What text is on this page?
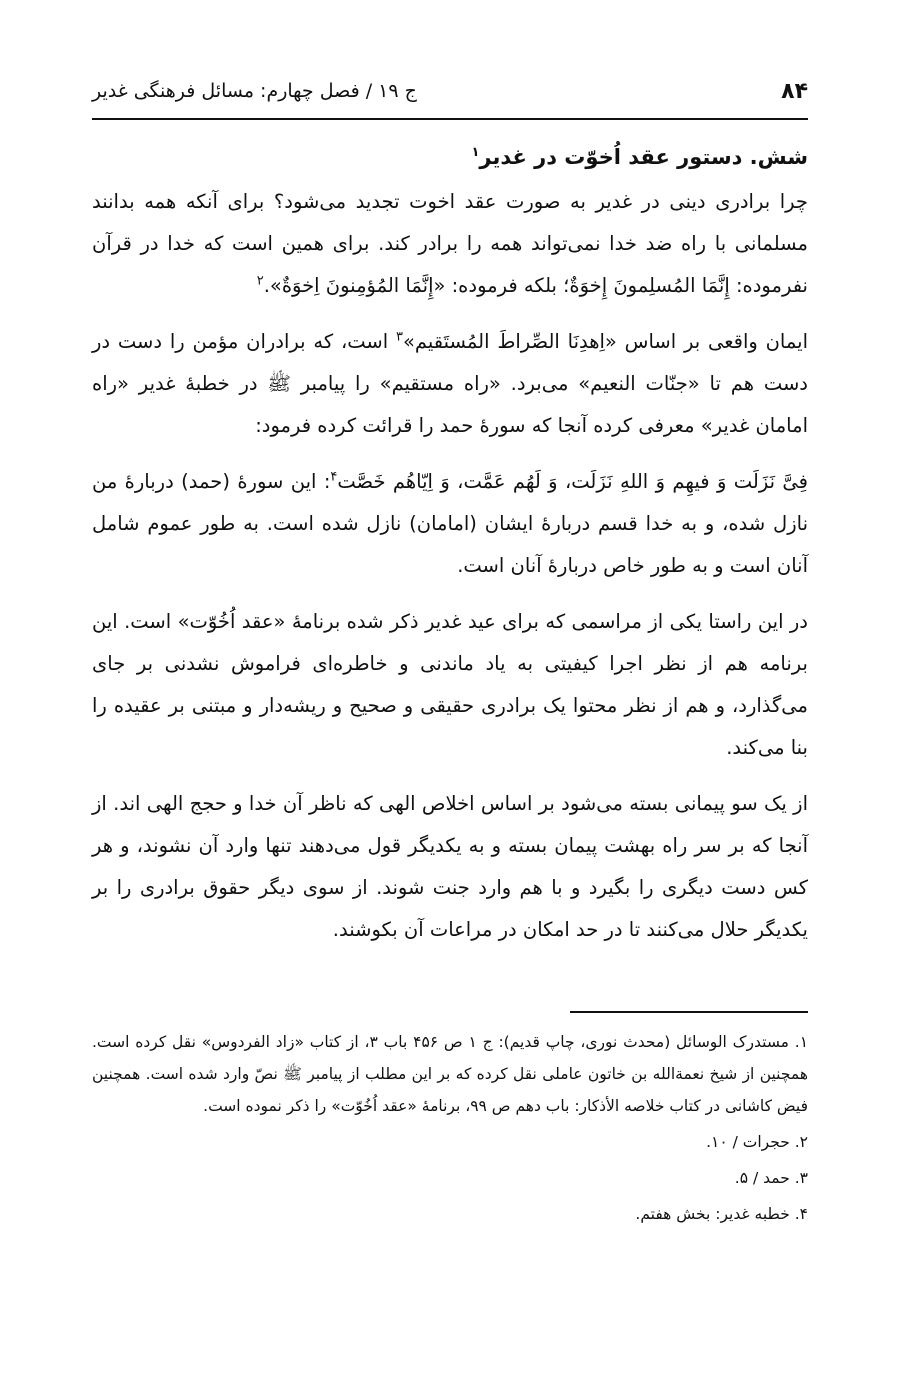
۸۴
ج ۱۹ / فصل چهارم: مسائل فرهنگی غدیر
شش. دستور عقد اُخوّت در غدیر$^۱$

چرا برادری دینی در غدیر به صورت عقد اخوت تجدید می‌شود؟ برای آنکه همه بدانند مسلمانی با راه ضد خدا نمی‌تواند همه را برادر کند. برای همین است که خدا در قرآن نفرموده: إِنَّمَا المُسلِمونَ إِخوَةٌ؛ بلکه فرموده: «إِنَّمَا المُؤمِنونَ اِخوَةٌ».$^۲$

ایمان واقعی بر اساس «اِهدِنَا الصِّراطَ المُستَقیم»$^۳$ است، که برادران مؤمن را دست در دست هم تا «جنّات النعیم» می‌برد. «راه مستقیم» را پیامبر ﷺ در خطبهٔ غدیر «راه امامان غدیر» معرفی کرده آنجا که سورهٔ حمد را قرائت کرده فرمود:

فِیَّ نَزَلَت وَ فیهِم وَ اللهِ نَزَلَت، وَ لَهُم عَمَّت، وَ اِیّاهُم خَصَّت$^۴$: این سورهٔ (حمد) دربارهٔ من نازل شده، و به خدا قسم دربارهٔ ایشان (امامان) نازل شده است. به طور عموم شامل آنان است و به طور خاص دربارهٔ آنان است.

در این راستا یکی از مراسمی که برای عید غدیر ذکر شده برنامهٔ «عقد اُخُوّت» است. این برنامه هم از نظر اجرا کیفیتی به یاد ماندنی و خاطره‌ای فراموش نشدنی بر جای می‌گذارد، و هم از نظر محتوا یک برادری حقیقی و صحیح و ریشه‌دار و مبتنی بر عقیده را بنا می‌کند.

از یک سو پیمانی بسته می‌شود بر اساس اخلاص الهی که ناظر آن خدا و حجج الهی اند. از آنجا که بر سر راه بهشت پیمان بسته و به یکدیگر قول می‌دهند تنها وارد آن نشوند، و هر کس دست دیگری را بگیرد و با هم وارد جنت شوند. از سوی دیگر حقوق برادری را بر یکدیگر حلال می‌کنند تا در حد امکان در مراعات آن بکوشند.

۱. مستدرک الوسائل (محدث نوری، چاپ قدیم): ج ۱ ص ۴۵۶ باب ۳، از کتاب «زاد الفردوس» نقل کرده است. همچنین از شیخ نعمةالله بن خاتون عاملی نقل کرده که بر این مطلب از پیامبر ﷺ نصّ وارد شده است. همچنین فیض کاشانی در کتاب خلاصه الأذکار: باب دهم ص ۹۹، برنامهٔ «عقد اُخُوّت» را ذکر نموده است.
۲. حجرات / ۱۰.
۳. حمد / ۵.
۴. خطبه غدیر: بخش هفتم.
